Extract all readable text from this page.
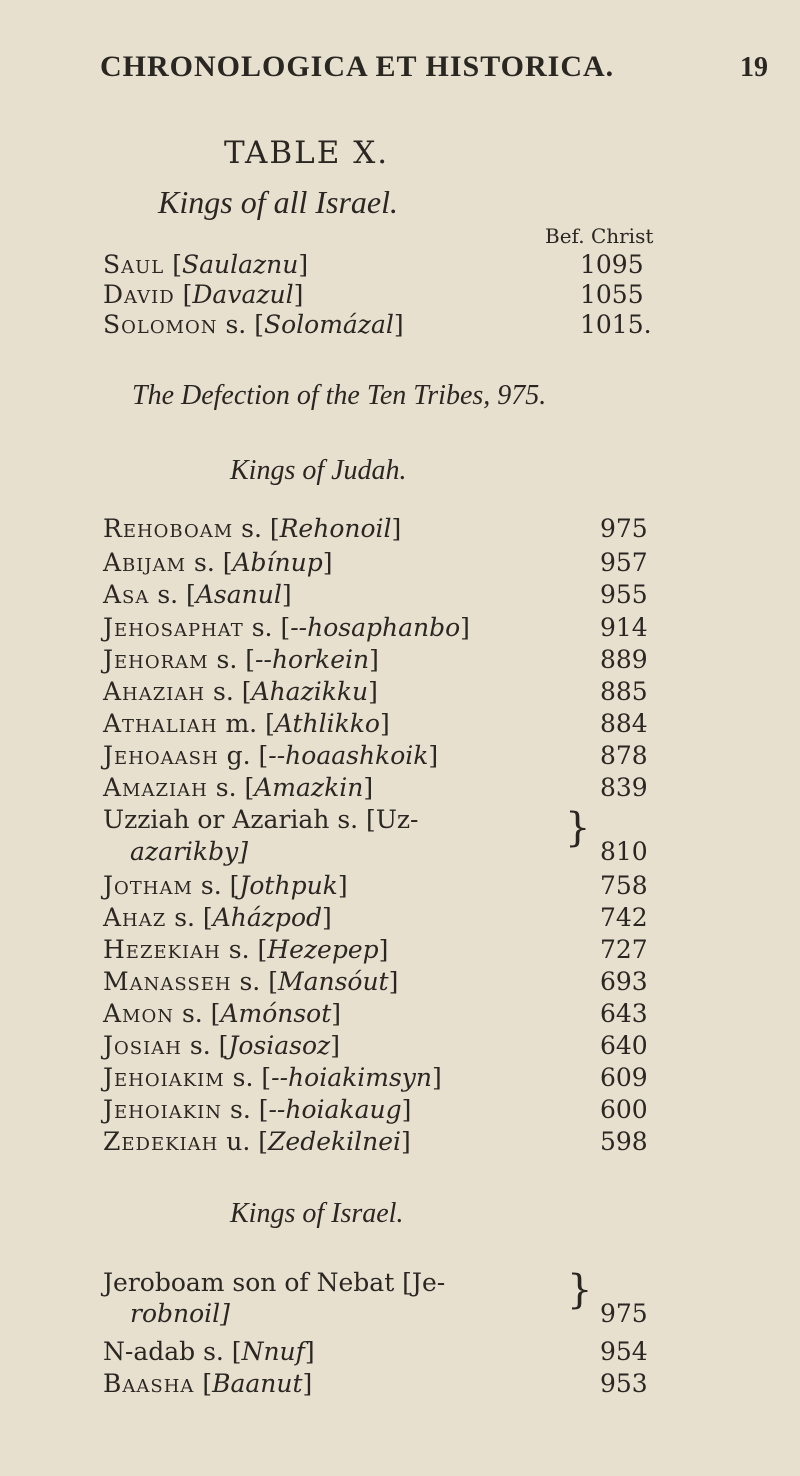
CHRONOLOGICA ET HISTORICA.	19
TABLE X.
Kings of all Israel.
Bef. Christ
Saul [Saulaznu]	1095
David [Davazul]	1055
Solomon s. [Solomázal]	1015.
The Defection of the Ten Tribes, 975.
Kings of Judah.
Rehoboam s. [Rehonoil]	975
Abijam s. [Abínup]	957
Asa s. [Asanul]	955
Jehosaphat s. [--hosaphanbo]	914
Jehoram s. [--horkein]	889
Ahaziah s. [Ahazikku]	885
Athaliah m. [Athlikko]	884
Jehoaash g. [--hoaashkoik]	878
Amaziah s. [Amazkin]	839
Uzziah or Azariah s. [Uz-
azarikby]	810
}
Jotham s. [Jothpuk]	758
Ahaz s. [Aházpod]	742
Hezekiah s. [Hezepep]	727
Manasseh s. [Mansóut]	693
Amon s. [Amónsot]	643
Josiah s. [Josiasoz]	640
Jehoiakim s. [--hoiakimsyn]	609
Jehoiakin s. [--hoiakaug]	600
Zedekiah u. [Zedekilnei]	598
Kings of Israel.
Jeroboam son of Nebat [Je-
robnoil]	975
}
N-adab s. [Nnuf]	954
Baasha [Baanut]	953
